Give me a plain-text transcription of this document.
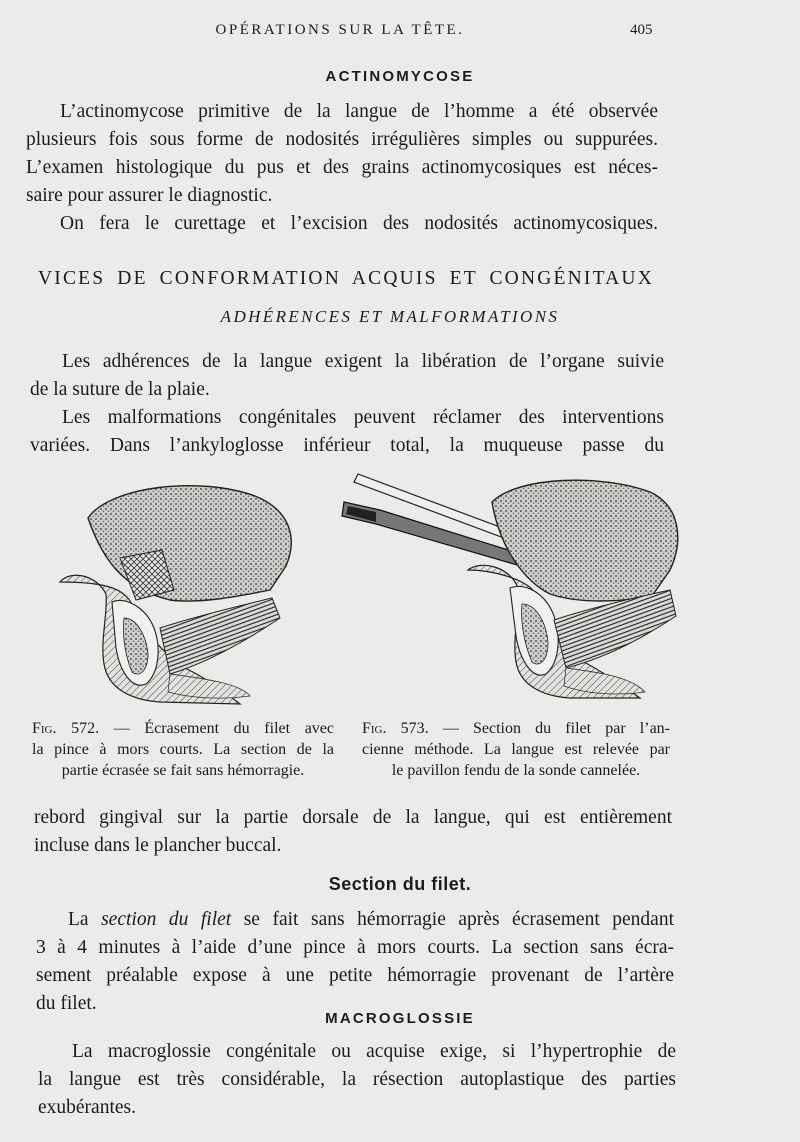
OPÉRATIONS SUR LA TÊTE.	405
ACTINOMYCOSE
L’actinomycose primitive de la langue de l’homme a été observée
plusieurs fois sous forme de nodosités irrégulières simples ou suppurées.
L’examen histologique du pus et des grains actinomycosiques est néces-
saire pour assurer le diagnostic.
On fera le curettage et l’excision des nodosités actinomycosiques.
VICES DE CONFORMATION ACQUIS ET CONGÉNITAUX
ADHÉRENCES ET MALFORMATIONS
Les adhérences de la langue exigent la libération de l’organe suivie
de la suture de la plaie.
Les malformations congénitales peuvent réclamer des interventions
variées. Dans l’ankyloglosse inférieur total, la muqueuse passe du
Fig. 572. — Écrasement du filet avec
la pince à mors courts. La section de la
partie écrasée se fait sans hémorragie.
Fig. 573. — Section du filet par l’an-
cienne méthode. La langue est relevée par
le pavillon fendu de la sonde cannelée.
rebord gingival sur la partie dorsale de la langue, qui est entièrement
incluse dans le plancher buccal.
Section du filet.
La section du filet se fait sans hémorragie après écrasement pendant
3 à 4 minutes à l’aide d’une pince à mors courts. La section sans écra-
sement préalable expose à une petite hémorragie provenant de l’artère
du filet.
MACROGLOSSIE
La macroglossie congénitale ou acquise exige, si l’hypertrophie de
la langue est très considérable, la résection autoplastique des parties
exubérantes.
